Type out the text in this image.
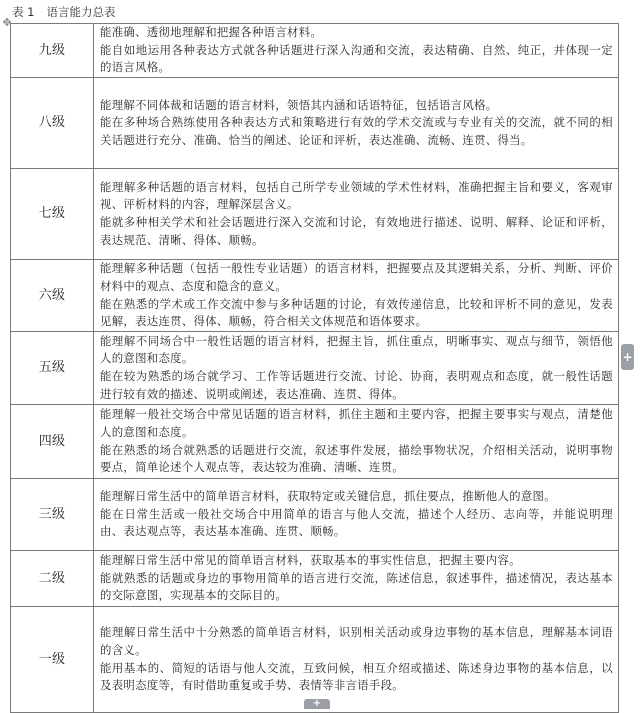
表 1 语言能力总表
✥
九级	能准确、透彻地理解和把握各种语言材料。

能自如地运用各种表达方式就各种话题进行深入沟通和交流，表达精确、自然、纯正，并体现一定的语言风格。

八级	能理解不同体裁和话题的语言材料，领悟其内涵和话语特征，包括语言风格。

能在多种场合熟练使用各种表达方式和策略进行有效的学术交流或与专业有关的交流，就不同的相关话题进行充分、准确、恰当的阐述、论证和评析，表达准确、流畅、连贯、得当。

七级	能理解多种话题的语言材料，包括自己所学专业领域的学术性材料，准确把握主旨和要义，客观审视、评析材料的内容，理解深层含义。

能就多种相关学术和社会话题进行深入交流和讨论，有效地进行描述、说明、解释、论证和评析，表达规范、清晰、得体、顺畅。

六级	能理解多种话题（包括一般性专业话题）的语言材料，把握要点及其逻辑关系，分析、判断、评价材料中的观点、态度和隐含的意义。

能在熟悉的学术或工作交流中参与多种话题的讨论，有效传递信息，比较和评析不同的意见，发表见解，表达连贯、得体、顺畅，符合相关文体规范和语体要求。

五级	能理解不同场合中一般性话题的语言材料，把握主旨，抓住重点，明晰事实、观点与细节，领悟他人的意图和态度。

能在较为熟悉的场合就学习、工作等话题进行交流、讨论、协商，表明观点和态度，就一般性话题进行较有效的描述、说明或阐述，表达准确、连贯、得体。

四级	能理解一般社交场合中常见话题的语言材料，抓住主题和主要内容，把握主要事实与观点，清楚他人的意图和态度。

能在熟悉的场合就熟悉的话题进行交流，叙述事件发展，描绘事物状况，介绍相关活动，说明事物要点，简单论述个人观点等，表达较为准确、清晰、连贯。

三级	能理解日常生活中的简单语言材料，获取特定或关键信息，抓住要点，推断他人的意图。

能在日常生活或一般社交场合中用简单的语言与他人交流，描述个人经历、志向等，并能说明理由、表达观点等，表达基本准确、连贯、顺畅。

二级	能理解日常生活中常见的简单语言材料，获取基本的事实性信息，把握主要内容。

能就熟悉的话题或身边的事物用简单的语言进行交流，陈述信息，叙述事件，描述情况，表达基本的交际意图，实现基本的交际目的。

一级	能理解日常生活中十分熟悉的简单语言材料，识别相关活动或身边事物的基本信息，理解基本词语的含义。

能用基本的、简短的话语与他人交流，互致问候，相互介绍或描述、陈述身边事物的基本信息，以及表明态度等，有时借助重复或手势、表情等非言语手段。

+
+
